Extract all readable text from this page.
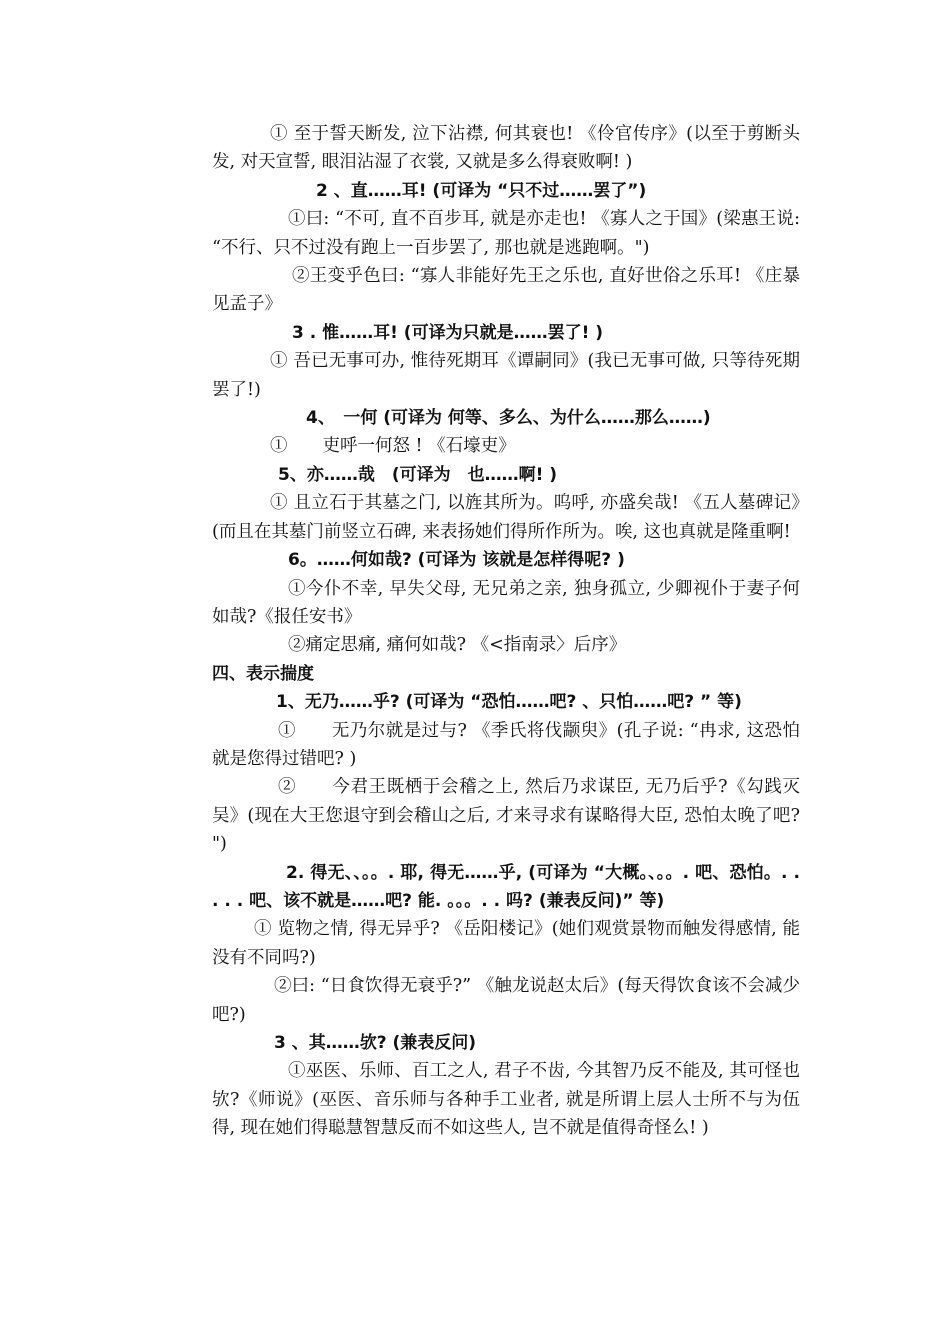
① 至于誓天断发, 泣下沾襟, 何其衰也! 《伶官传序》(以至于剪断头发, 对天宣誓, 眼泪沾湿了衣裳, 又就是多么得衰败啊! )

2 、直……耳! (可译为 “只不过……罢了”)

①曰: “不可, 直不百步耳, 就是亦走也! 《寡人之于国》(梁惠王说: “不行、只不过没有跑上一百步罢了, 那也就是逃跑啊。")

②王变乎色曰: “寡人非能好先王之乐也, 直好世俗之乐耳! 《庄暴见孟子》

3 . 惟……耳! (可译为只就是……罢了! )

① 吾已无事可办, 惟待死期耳《谭嗣同》(我已无事可做, 只等待死期罢了!)

4、　一何 (可译为 何等、多么、为什么……那么……)

①　　吏呼一何怒 ! 《石壕吏》

5、亦……哉　(可译为　也……啊! )

① 且立石于其墓之门, 以旌其所为。呜呼, 亦盛矣哉! 《五人墓碑记》(而且在其墓门前竖立石碑, 来表扬她们得所作所为。唉, 这也真就是隆重啊!

6。……何如哉? (可译为 该就是怎样得呢? )

①今仆不幸, 早失父母, 无兄弟之亲, 独身孤立, 少卿视仆于妻子何如哉?《报任安书》

②痛定思痛, 痛何如哉? 《<指南录〉后序》

四、表示揣度

1、无乃……乎? (可译为 “恐怕……吧? 、只怕……吧? ” 等)

①　　无乃尔就是过与? 《季氏将伐颛臾》(孔子说: “冉求, 这恐怕就是您得过错吧? )

②　　今君王既栖于会稽之上, 然后乃求谋臣, 无乃后乎?《勾践灭吴》(现在大王您退守到会稽山之后, 才来寻求有谋略得大臣, 恐怕太晚了吧? ")

2. 得无、、。。. 耶, 得无……乎, (可译为 “大概。、。。. 吧、恐怕。. . . . . 吧、该不就是……吧? 能. 。。。. . 吗? (兼表反问)” 等)

① 览物之情, 得无异乎? 《岳阳楼记》(她们观赏景物而触发得感情, 能没有不同吗?)

②曰: “日食饮得无衰乎?” 《触龙说赵太后》(每天得饮食该不会减少吧?)

3 、其……欤? (兼表反问)

①巫医、乐师、百工之人, 君子不齿, 今其智乃反不能及, 其可怪也欤?《师说》(巫医、音乐师与各种手工业者, 就是所谓上层人士所不与为伍得, 现在她们得聪慧智慧反而不如这些人, 岂不就是值得奇怪么! )
